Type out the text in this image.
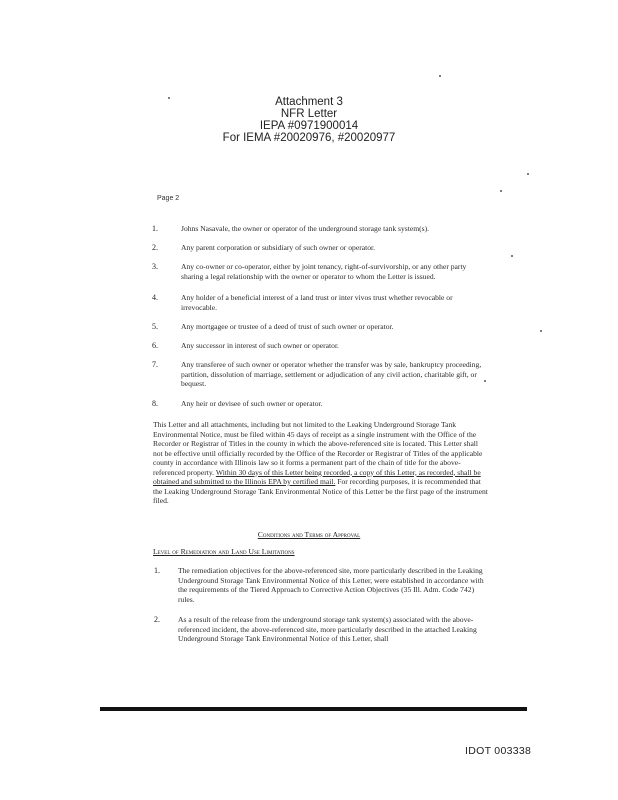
Attachment 3
NFR Letter
IEPA #0971900014
For IEMA #20020976, #20020977
Page 2
1.	Johns Nasavale, the owner or operator of the underground storage tank system(s).
2.	Any parent corporation or subsidiary of such owner or operator.
3.	Any co-owner or co-operator, either by joint tenancy, right-of-survivorship, or any other party sharing a legal relationship with the owner or operator to whom the Letter is issued.
4.	Any holder of a beneficial interest of a land trust or inter vivos trust whether revocable or irrevocable.
5.	Any mortgagee or trustee of a deed of trust of such owner or operator.
6.	Any successor in interest of such owner or operator.
7.	Any transferee of such owner or operator whether the transfer was by sale, bankruptcy proceeding, partition, dissolution of marriage, settlement or adjudication of any civil action, charitable gift, or bequest.
8.	Any heir or devisee of such owner or operator.
This Letter and all attachments, including but not limited to the Leaking Underground Storage Tank Environmental Notice, must be filed within 45 days of receipt as a single instrument with the Office of the Recorder or Registrar of Titles in the county in which the above-referenced site is located. This Letter shall not be effective until officially recorded by the Office of the Recorder or Registrar of Titles of the applicable county in accordance with Illinois law so it forms a permanent part of the chain of title for the above-referenced property. Within 30 days of this Letter being recorded, a copy of this Letter, as recorded, shall be obtained and submitted to the Illinois EPA by certified mail. For recording purposes, it is recommended that the Leaking Underground Storage Tank Environmental Notice of this Letter be the first page of the instrument filed.
Conditions and Terms of Approval
Level of Remediation and Land Use Limitations
1.	The remediation objectives for the above-referenced site, more particularly described in the Leaking Underground Storage Tank Environmental Notice of this Letter, were established in accordance with the requirements of the Tiered Approach to Corrective Action Objectives (35 Ill. Adm. Code 742) rules.
2.	As a result of the release from the underground storage tank system(s) associated with the above-referenced incident, the above-referenced site, more particularly described in the attached Leaking Underground Storage Tank Environmental Notice of this Letter, shall
IDOT 003338
